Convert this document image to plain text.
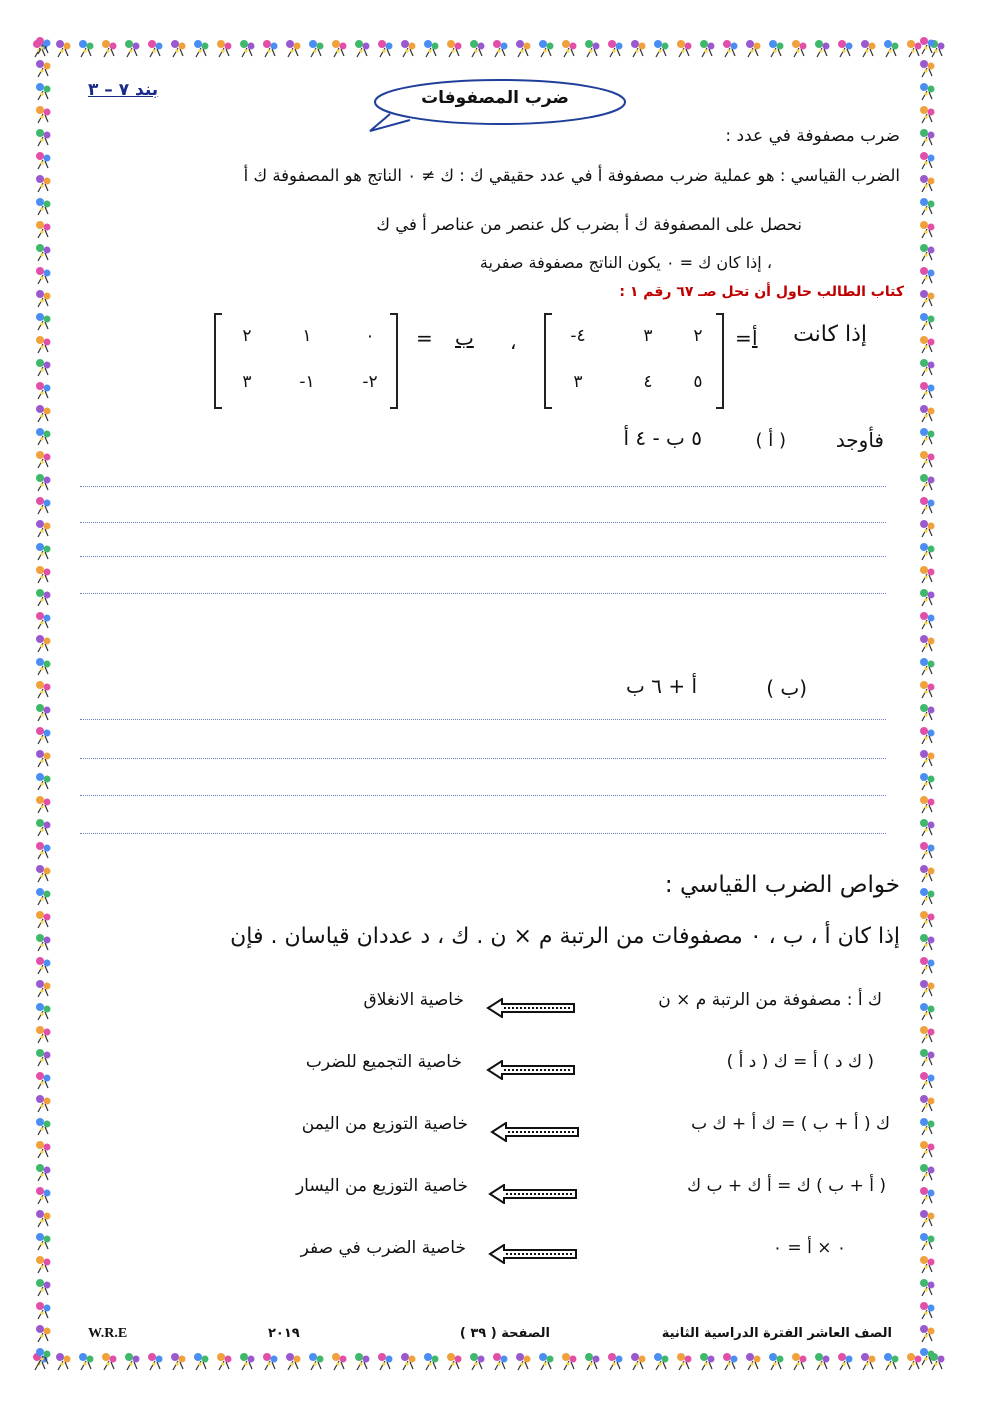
بند ٧ – ٣	ضرب المصفوفات
ضرب مصفوفة في عدد :
الضرب القياسي : هو عملية ضرب مصفوفة أ في عدد حقيقي ك : ك ≠ ٠ الناتج هو المصفوفة ك أ
نحصل على المصفوفة ك أ بضرب كل عنصر من عناصر أ في ك
، إذا كان ك = ٠ يكون الناتج مصفوفة صفرية
كتاب الطالب حاول أن تحل صـ ٦٧ رقم ١ :
إذا كانت
أ
=
٢
٣
-٤
٥
٤
٣
،
ب
=
٠
١
٢
-٢
-١
٣
فأوجد
( أ )
٥ ب - ٤ أ
(ب )
أ + ٦ ب
خواص الضرب القياسي :
إذا كان أ ، ب ، ٠ مصفوفات من الرتبة م × ن . ك ، د عددان قياسان . فإن
ك أ : مصفوفة من الرتبة م × ن
خاصية الانغلاق
( ك د ) أ = ك ( د أ )
خاصية التجميع للضرب
ك ( أ + ب ) = ك أ + ك ب
خاصية التوزيع من اليمن
( أ + ب ) ك = أ ك + ب ك
خاصية التوزيع من اليسار
٠ × أ = ٠
خاصية الضرب في صفر
الصف العاشر الفترة الدراسية الثانية
الصفحة ( ٣٩ )
٢٠١٩
W.R.E
